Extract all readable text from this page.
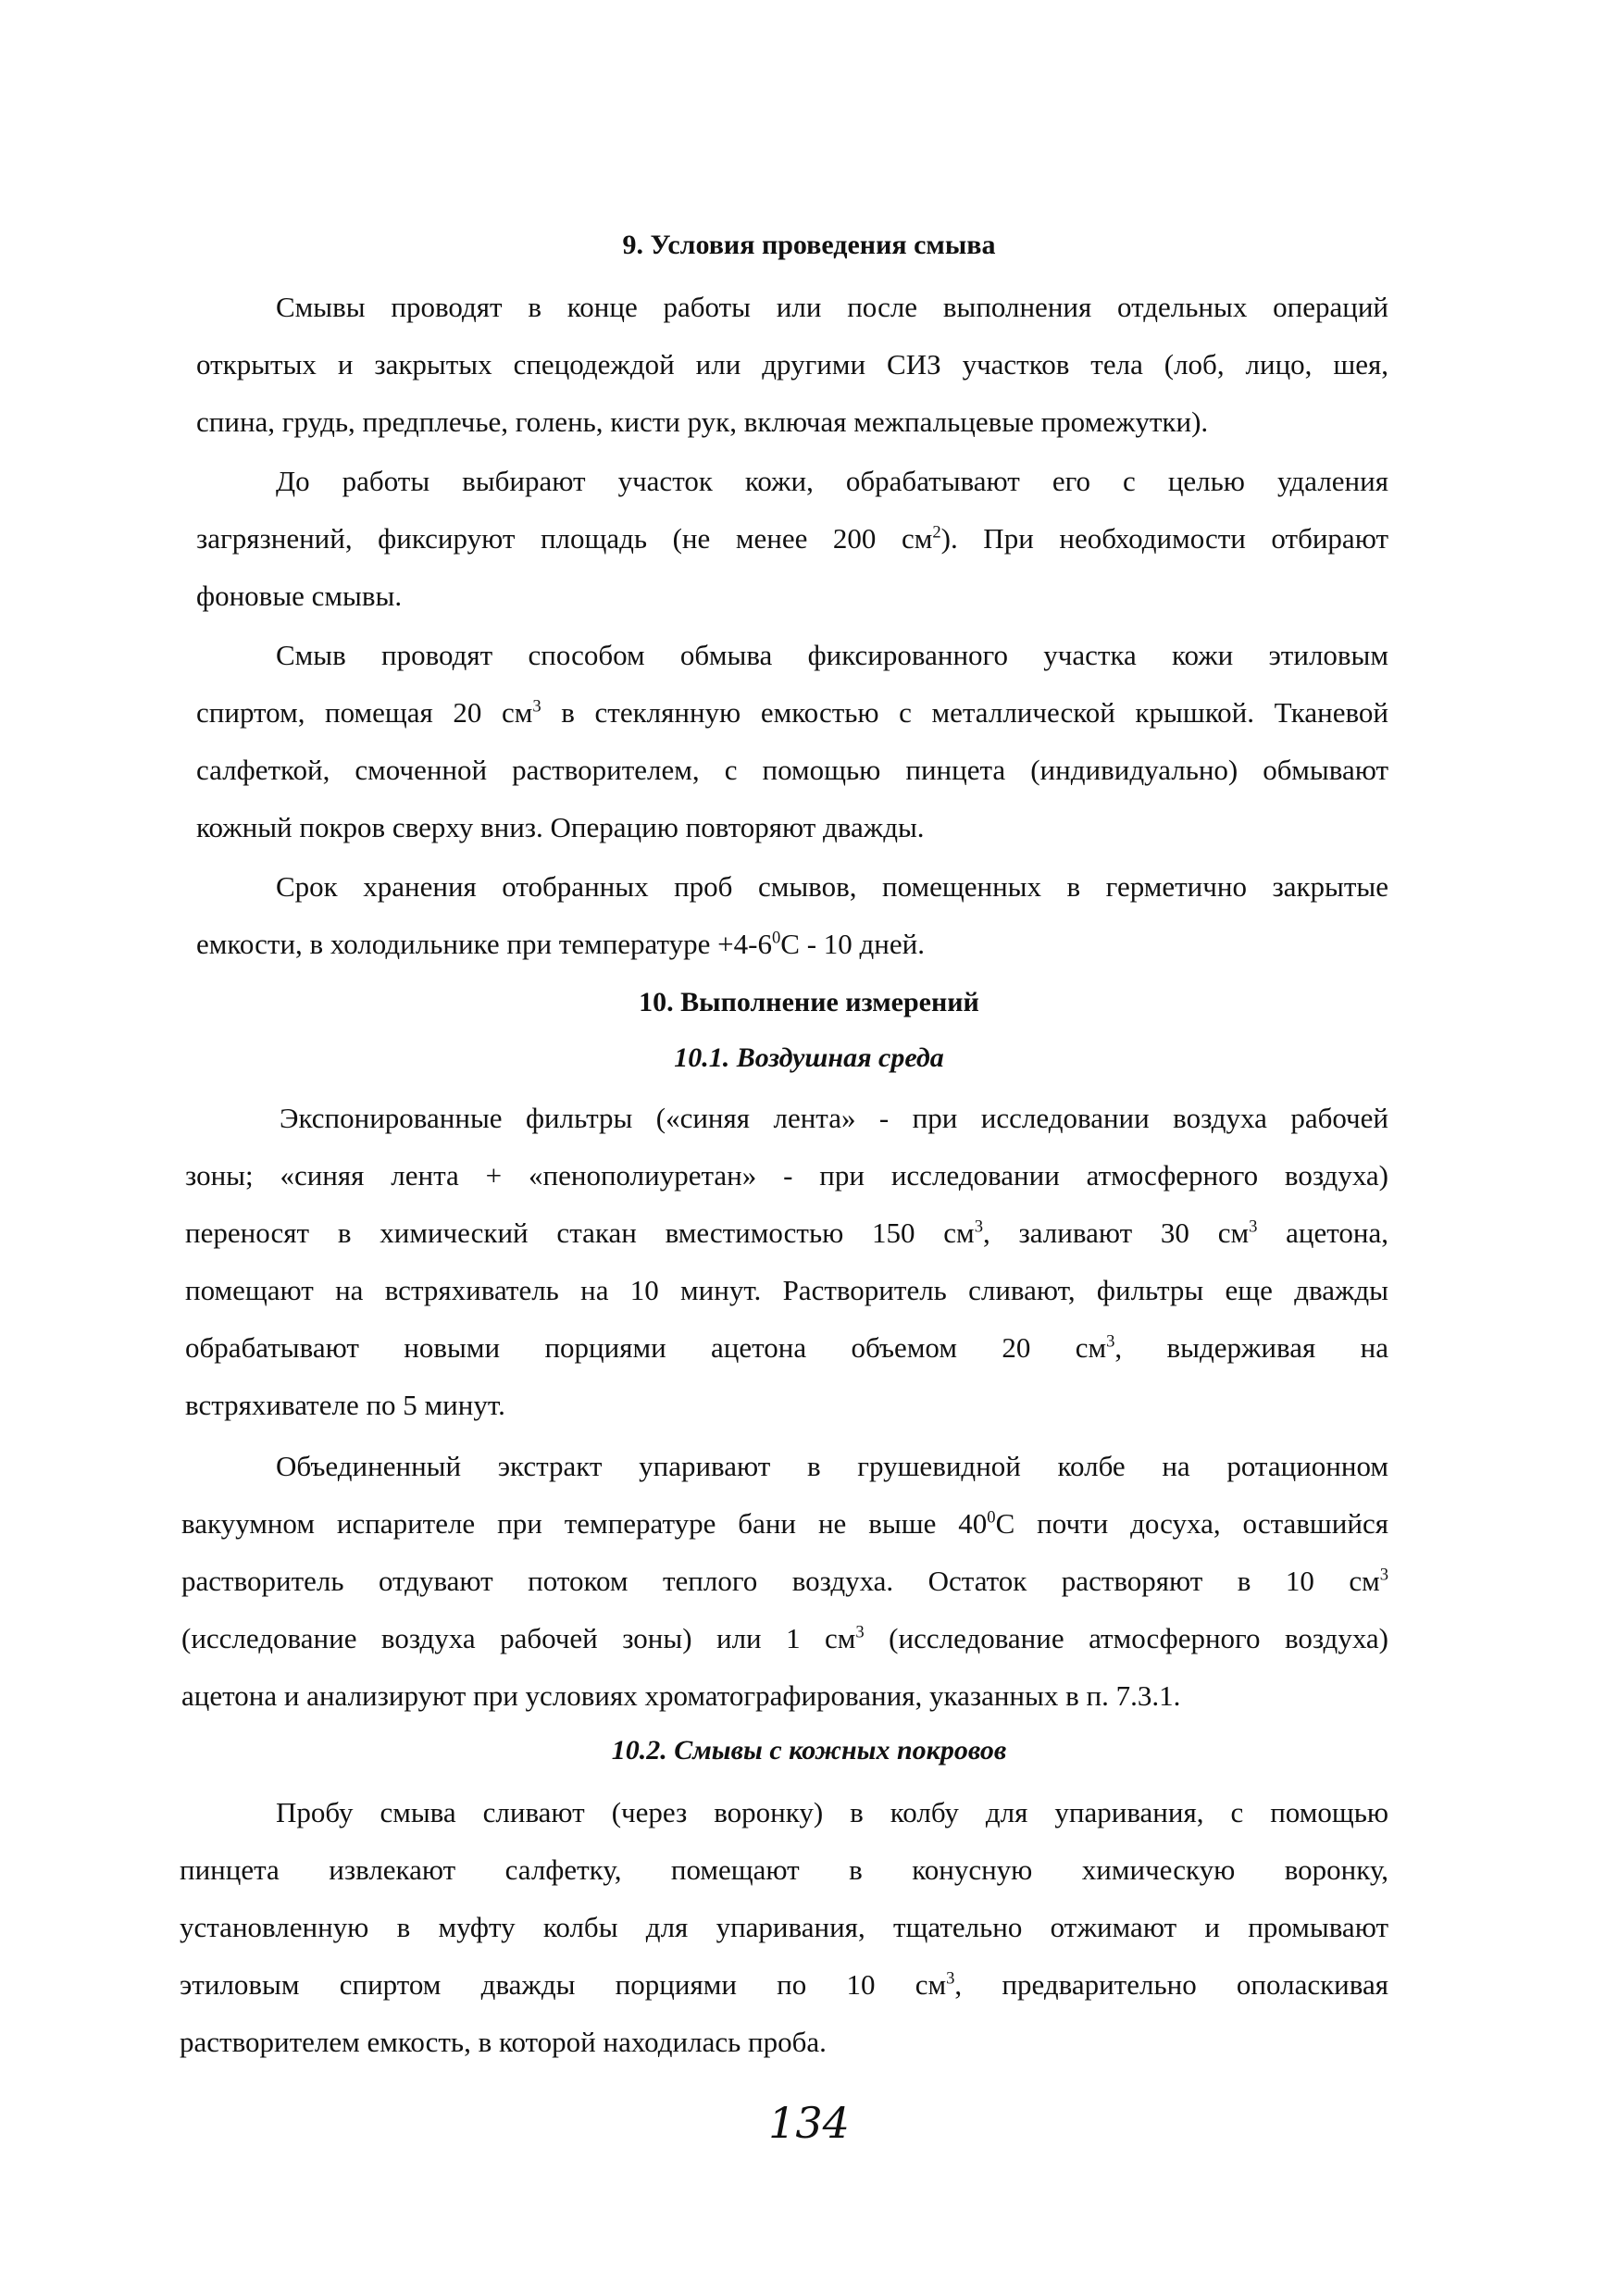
9. Условия проведения смыва
Смывы проводят в конце работы или после выполнения отдельных операций
открытых и закрытых спецодеждой или другими СИЗ участков тела (лоб, лицо, шея,
спина, грудь, предплечье, голень, кисти рук, включая межпальцевые промежутки).
До работы выбирают участок кожи, обрабатывают его с целью удаления
загрязнений, фиксируют площадь (не менее 200 $см^2$). При необходимости отбирают
фоновые смывы.
Смыв проводят способом обмыва фиксированного участка кожи этиловым
спиртом, помещая 20 $см^3$ в стеклянную емкостью с металлической крышкой. Тканевой
салфеткой, смоченной растворителем, с помощью пинцета (индивидуально) обмывают
кожный покров сверху вниз. Операцию повторяют дважды.
Срок хранения отобранных проб смывов, помещенных в герметично закрытые
емкости, в холодильнике при температуре $+4-6^0С - 10$ дней.
10. Выполнение измерений
10.1. Воздушная среда
Экспонированные фильтры («синяя лента» - при исследовании воздуха рабочей
зоны; «синяя лента + «пенополиуретан» - при исследовании атмосферного воздуха)
переносят в химический стакан вместимостью 150 $см^3$, заливают 30 $см^3$ ацетона,
помещают на встряхиватель на 10 минут. Растворитель сливают, фильтры еще дважды
обрабатывают новыми порциями ацетона объемом 20 $см^3$, выдерживая на
встряхивателе по 5 минут.
Объединенный экстракт упаривают в грушевидной колбе на ротационном
вакуумном испарителе при температуре бани не выше $40^0С$ почти досуха, оставшийся
растворитель отдувают потоком теплого воздуха. Остаток растворяют в 10 $см^3$
(исследование воздуха рабочей зоны) или 1 $см^3$ (исследование атмосферного воздуха)
ацетона и анализируют при условиях хроматографирования, указанных в п. 7.3.1.
10.2. Смывы с кожных покровов
Пробу смыва сливают (через воронку) в колбу для упаривания, с помощью
пинцета извлекают салфетку, помещают в конусную химическую воронку,
установленную в муфту колбы для упаривания, тщательно отжимают и промывают
этиловым спиртом дважды порциями по 10 $см^3$, предварительно ополаскивая
растворителем емкость, в которой находилась проба.
134
